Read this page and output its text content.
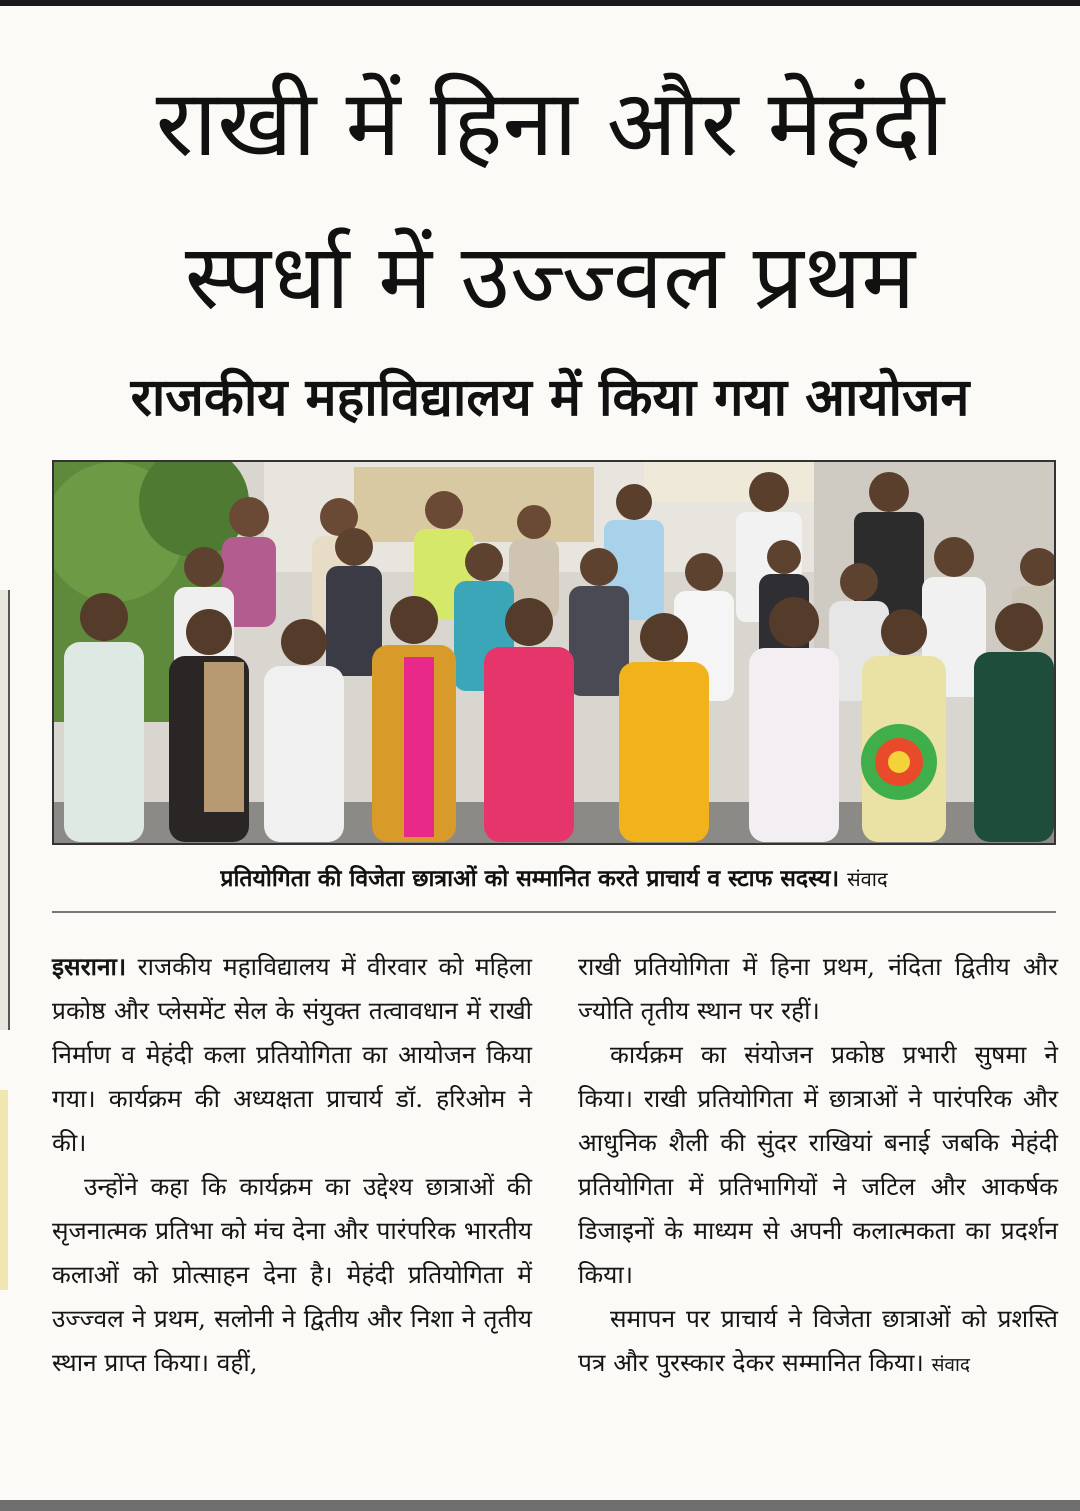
राखी में हिना और मेहंदी
स्पर्धा में उज्ज्वल प्रथम
राजकीय महाविद्यालय में किया गया आयोजन
प्रतियोगिता की विजेता छात्राओं को सम्मानित करते प्राचार्य व स्टाफ सदस्य। संवाद

इसराना। राजकीय महाविद्यालय में वीरवार को महिला प्रकोष्ठ और प्लेसमेंट सेल के संयुक्त तत्वावधान में राखी निर्माण व मेहंदी कला प्रतियोगिता का आयोजन किया गया। कार्यक्रम की अध्यक्षता प्राचार्य डॉ. हरिओम ने की।

उन्होंने कहा कि कार्यक्रम का उद्देश्य छात्राओं की सृजनात्मक प्रतिभा को मंच देना और पारंपरिक भारतीय कलाओं को प्रोत्साहन देना है। मेहंदी प्रतियोगिता में उज्ज्वल ने प्रथम, सलोनी ने द्वितीय और निशा ने तृतीय स्थान प्राप्त किया। वहीं,

राखी प्रतियोगिता में हिना प्रथम, नंदिता द्वितीय और ज्योति तृतीय स्थान पर रहीं।

कार्यक्रम का संयोजन प्रकोष्ठ प्रभारी सुषमा ने किया। राखी प्रतियोगिता में छात्राओं ने पारंपरिक और आधुनिक शैली की सुंदर राखियां बनाई जबकि मेहंदी प्रतियोगिता में प्रतिभागियों ने जटिल और आकर्षक डिजाइनों के माध्यम से अपनी कलात्मकता का प्रदर्शन किया।

समापन पर प्राचार्य ने विजेता छात्राओं को प्रशस्ति पत्र और पुरस्कार देकर सम्मानित किया। संवाद
